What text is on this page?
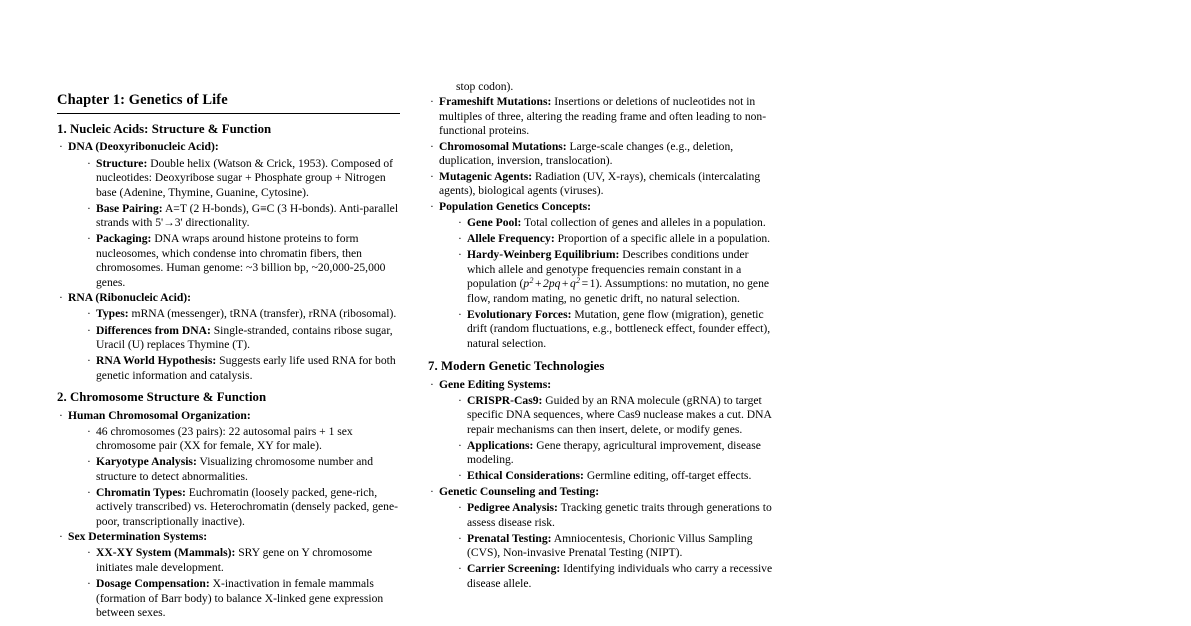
Chapter 1: Genetics of Life
1. Nucleic Acids: Structure & Function
· DNA (Deoxyribonucleic Acid):
· Structure: Double helix (Watson & Crick, 1953). Composed of nucleotides: Deoxyribose sugar + Phosphate group + Nitrogen base (Adenine, Thymine, Guanine, Cytosine).
· Base Pairing: A=T (2 H-bonds), G≡C (3 H-bonds). Anti-parallel strands with 5'→3' directionality.
· Packaging: DNA wraps around histone proteins to form nucleosomes, which condense into chromatin fibers, then chromosomes. Human genome: ~3 billion bp, ~20,000-25,000 genes.
· RNA (Ribonucleic Acid):
· Types: mRNA (messenger), tRNA (transfer), rRNA (ribosomal).
· Differences from DNA: Single-stranded, contains ribose sugar, Uracil (U) replaces Thymine (T).
· RNA World Hypothesis: Suggests early life used RNA for both genetic information and catalysis.
2. Chromosome Structure & Function
· Human Chromosomal Organization:
· 46 chromosomes (23 pairs): 22 autosomal pairs + 1 sex chromosome pair (XX for female, XY for male).
· Karyotype Analysis: Visualizing chromosome number and structure to detect abnormalities.
· Chromatin Types: Euchromatin (loosely packed, gene-rich, actively transcribed) vs. Heterochromatin (densely packed, gene-poor, transcriptionally inactive).
· Sex Determination Systems:
· XX-XY System (Mammals): SRY gene on Y chromosome initiates male development.
· Dosage Compensation: X-inactivation in female mammals (formation of Barr body) to balance X-linked gene expression between sexes.
stop codon).
· Frameshift Mutations: Insertions or deletions of nucleotides not in multiples of three, altering the reading frame and often leading to non-functional proteins.
· Chromosomal Mutations: Large-scale changes (e.g., deletion, duplication, inversion, translocation).
· Mutagenic Agents: Radiation (UV, X-rays), chemicals (intercalating agents), biological agents (viruses).
· Population Genetics Concepts:
· Gene Pool: Total collection of genes and alleles in a population.
· Allele Frequency: Proportion of a specific allele in a population.
· Hardy-Weinberg Equilibrium: Describes conditions under which allele and genotype frequencies remain constant in a population $(p^2 + 2pq + q^2 = 1)$. Assumptions: no mutation, no gene flow, random mating, no genetic drift, no natural selection.
· Evolutionary Forces: Mutation, gene flow (migration), genetic drift (random fluctuations, e.g., bottleneck effect, founder effect), natural selection.
7. Modern Genetic Technologies
· Gene Editing Systems:
· CRISPR-Cas9: Guided by an RNA molecule (gRNA) to target specific DNA sequences, where Cas9 nuclease makes a cut. DNA repair mechanisms can then insert, delete, or modify genes.
· Applications: Gene therapy, agricultural improvement, disease modeling.
· Ethical Considerations: Germline editing, off-target effects.
· Genetic Counseling and Testing:
· Pedigree Analysis: Tracking genetic traits through generations to assess disease risk.
· Prenatal Testing: Amniocentesis, Chorionic Villus Sampling (CVS), Non-invasive Prenatal Testing (NIPT).
· Carrier Screening: Identifying individuals who carry a recessive disease allele.
